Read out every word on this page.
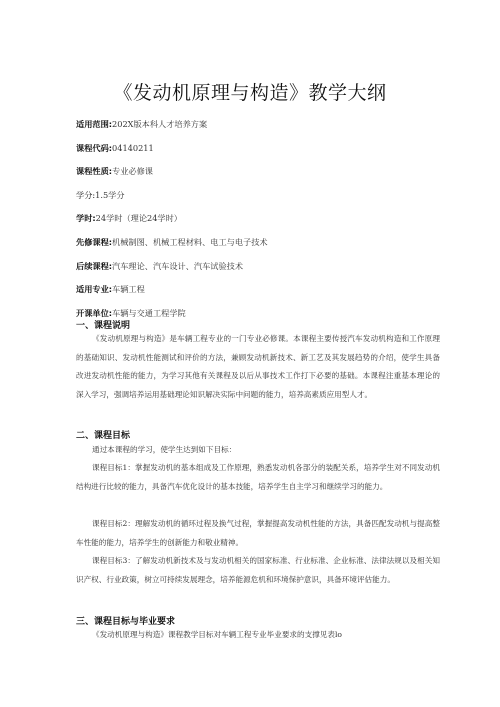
《发动机原理与构造》教学大纲
适用范围:202X版本科人才培养方案
课程代码:04140211
课程性质:专业必修课
学分:1.5学分
学时:24学时（理论24学时）
先修课程:机械制图、机械工程材料、电工与电子技术
后续课程:汽车理论、汽车设计、汽车试验技术
适用专业:车辆工程
开课单位:车辆与交通工程学院
一、课程说明
《发动机原理与构造》是车辆工程专业的一门专业必修课。本课程主要传授汽车发动机构造和工作原理的基础知识、发动机性能测试和评价的方法，兼顾发动机新技术、新工艺及其发展趋势的介绍，使学生具备改进发动机性能的能力，为学习其他有关课程及以后从事技术工作打下必要的基础。本课程注重基本理论的深入学习，强调培养运用基础理论知识解决实际中问题的能力，培养高素质应用型人才。
二、课程目标
通过本课程的学习，使学生达到如下目标：
课程目标1：掌握发动机的基本组成及工作原理，熟悉发动机各部分的装配关系，培养学生对不同发动机结构进行比较的能力，具备汽车优化设计的基本技能，培养学生自主学习和继续学习的能力。
课程目标2：理解发动机的循环过程及换气过程，掌握提高发动机性能的方法，具备匹配发动机与提高整车性能的能力，培养学生的创新能力和敬业精神。
课程目标3：了解发动机新技术及与发动机相关的国家标准、行业标准、企业标准、法律法规以及相关知识产权、行业政策，树立可持续发展理念，培养能源危机和环境保护意识，具备环境评估能力。
三、课程目标与毕业要求
《发动机原理与构造》课程教学目标对车辆工程专业毕业要求的支撑见表lo
